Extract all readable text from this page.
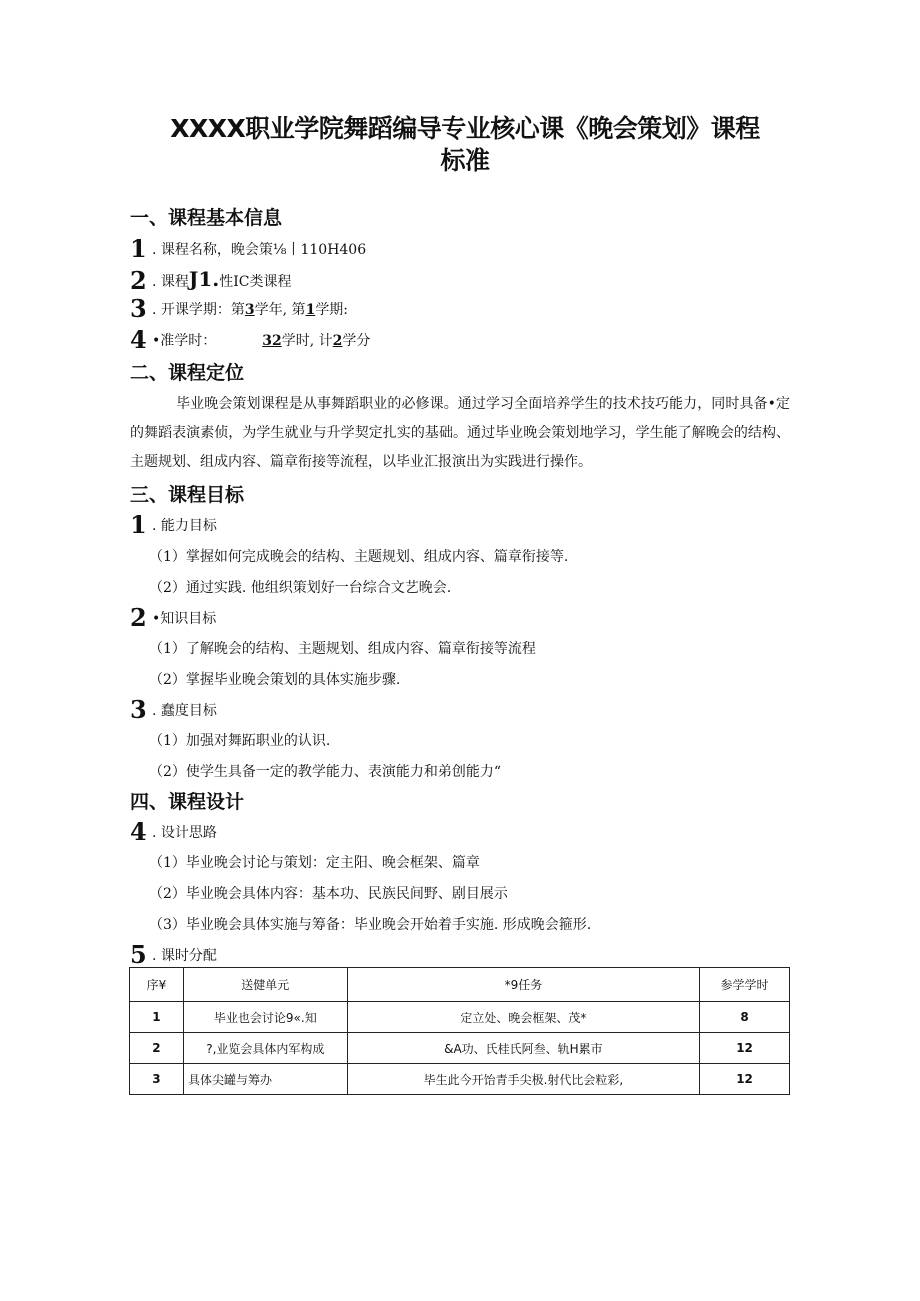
XXXX职业学院舞蹈编导专业核心课《晚会策划》课程
标准
一、课程基本信息
1 . 课程名称，晚会策⅛丨110H406
2 . 课程J1.性IC类课程
3 . 开课学期：第3学年, 第1学期:
4 •准学时：	32学时, 计2学分
二、课程定位
毕业晚会策划课程是从事舞蹈职业的必修课。通过学习全面培养学生的技术技巧能力，同时具备•定的舞蹈表演素侦，为学生就业与升学契定扎实的基础。通过毕业晚会策划地学习，学生能了解晚会的结构、主题规划、组成内容、篇章衔接等流程，以毕业汇报演出为实践进行操作。
三、课程目标
1 . 能力目标
（1）掌握如何完成晚会的结构、主题规划、组成内容、篇章衔接等.
（2）通过实践. 他组织策划好一台综合文艺晚会.
2 •知识目标
（1）了解晚会的结构、主题规划、组成内容、篇章衔接等流程
（2）掌握毕业晚会策划的具体实施步骤.
3 . 蠢度目标
（1）加强对舞跖职业的认识.
（2）使学生具备一定的教学能力、表演能力和弟创能力“
四、课程设计
4 . 设计思路
（1）毕业晚会讨论与策划：定主阳、晚会框架、篇章
（2）毕业晚会具体内容：基本功、民族民间野、剧目展示
（3）毕业晚会具体实施与筹备：毕业晚会开始着手实施. 形成晚会箍形.
5 . 课时分配
序¥	送健单元	*9任务	参学学时
1	毕业也会讨论9«.知	定立处、晚会框架、茂*	8
2	?,业览会具体内军构成	&A功、氏桂氏阿叁、轨H累市	12
3	具体尖罐与筹办	毕生此今开饴青手尖极.射代比会粒彩,	12
